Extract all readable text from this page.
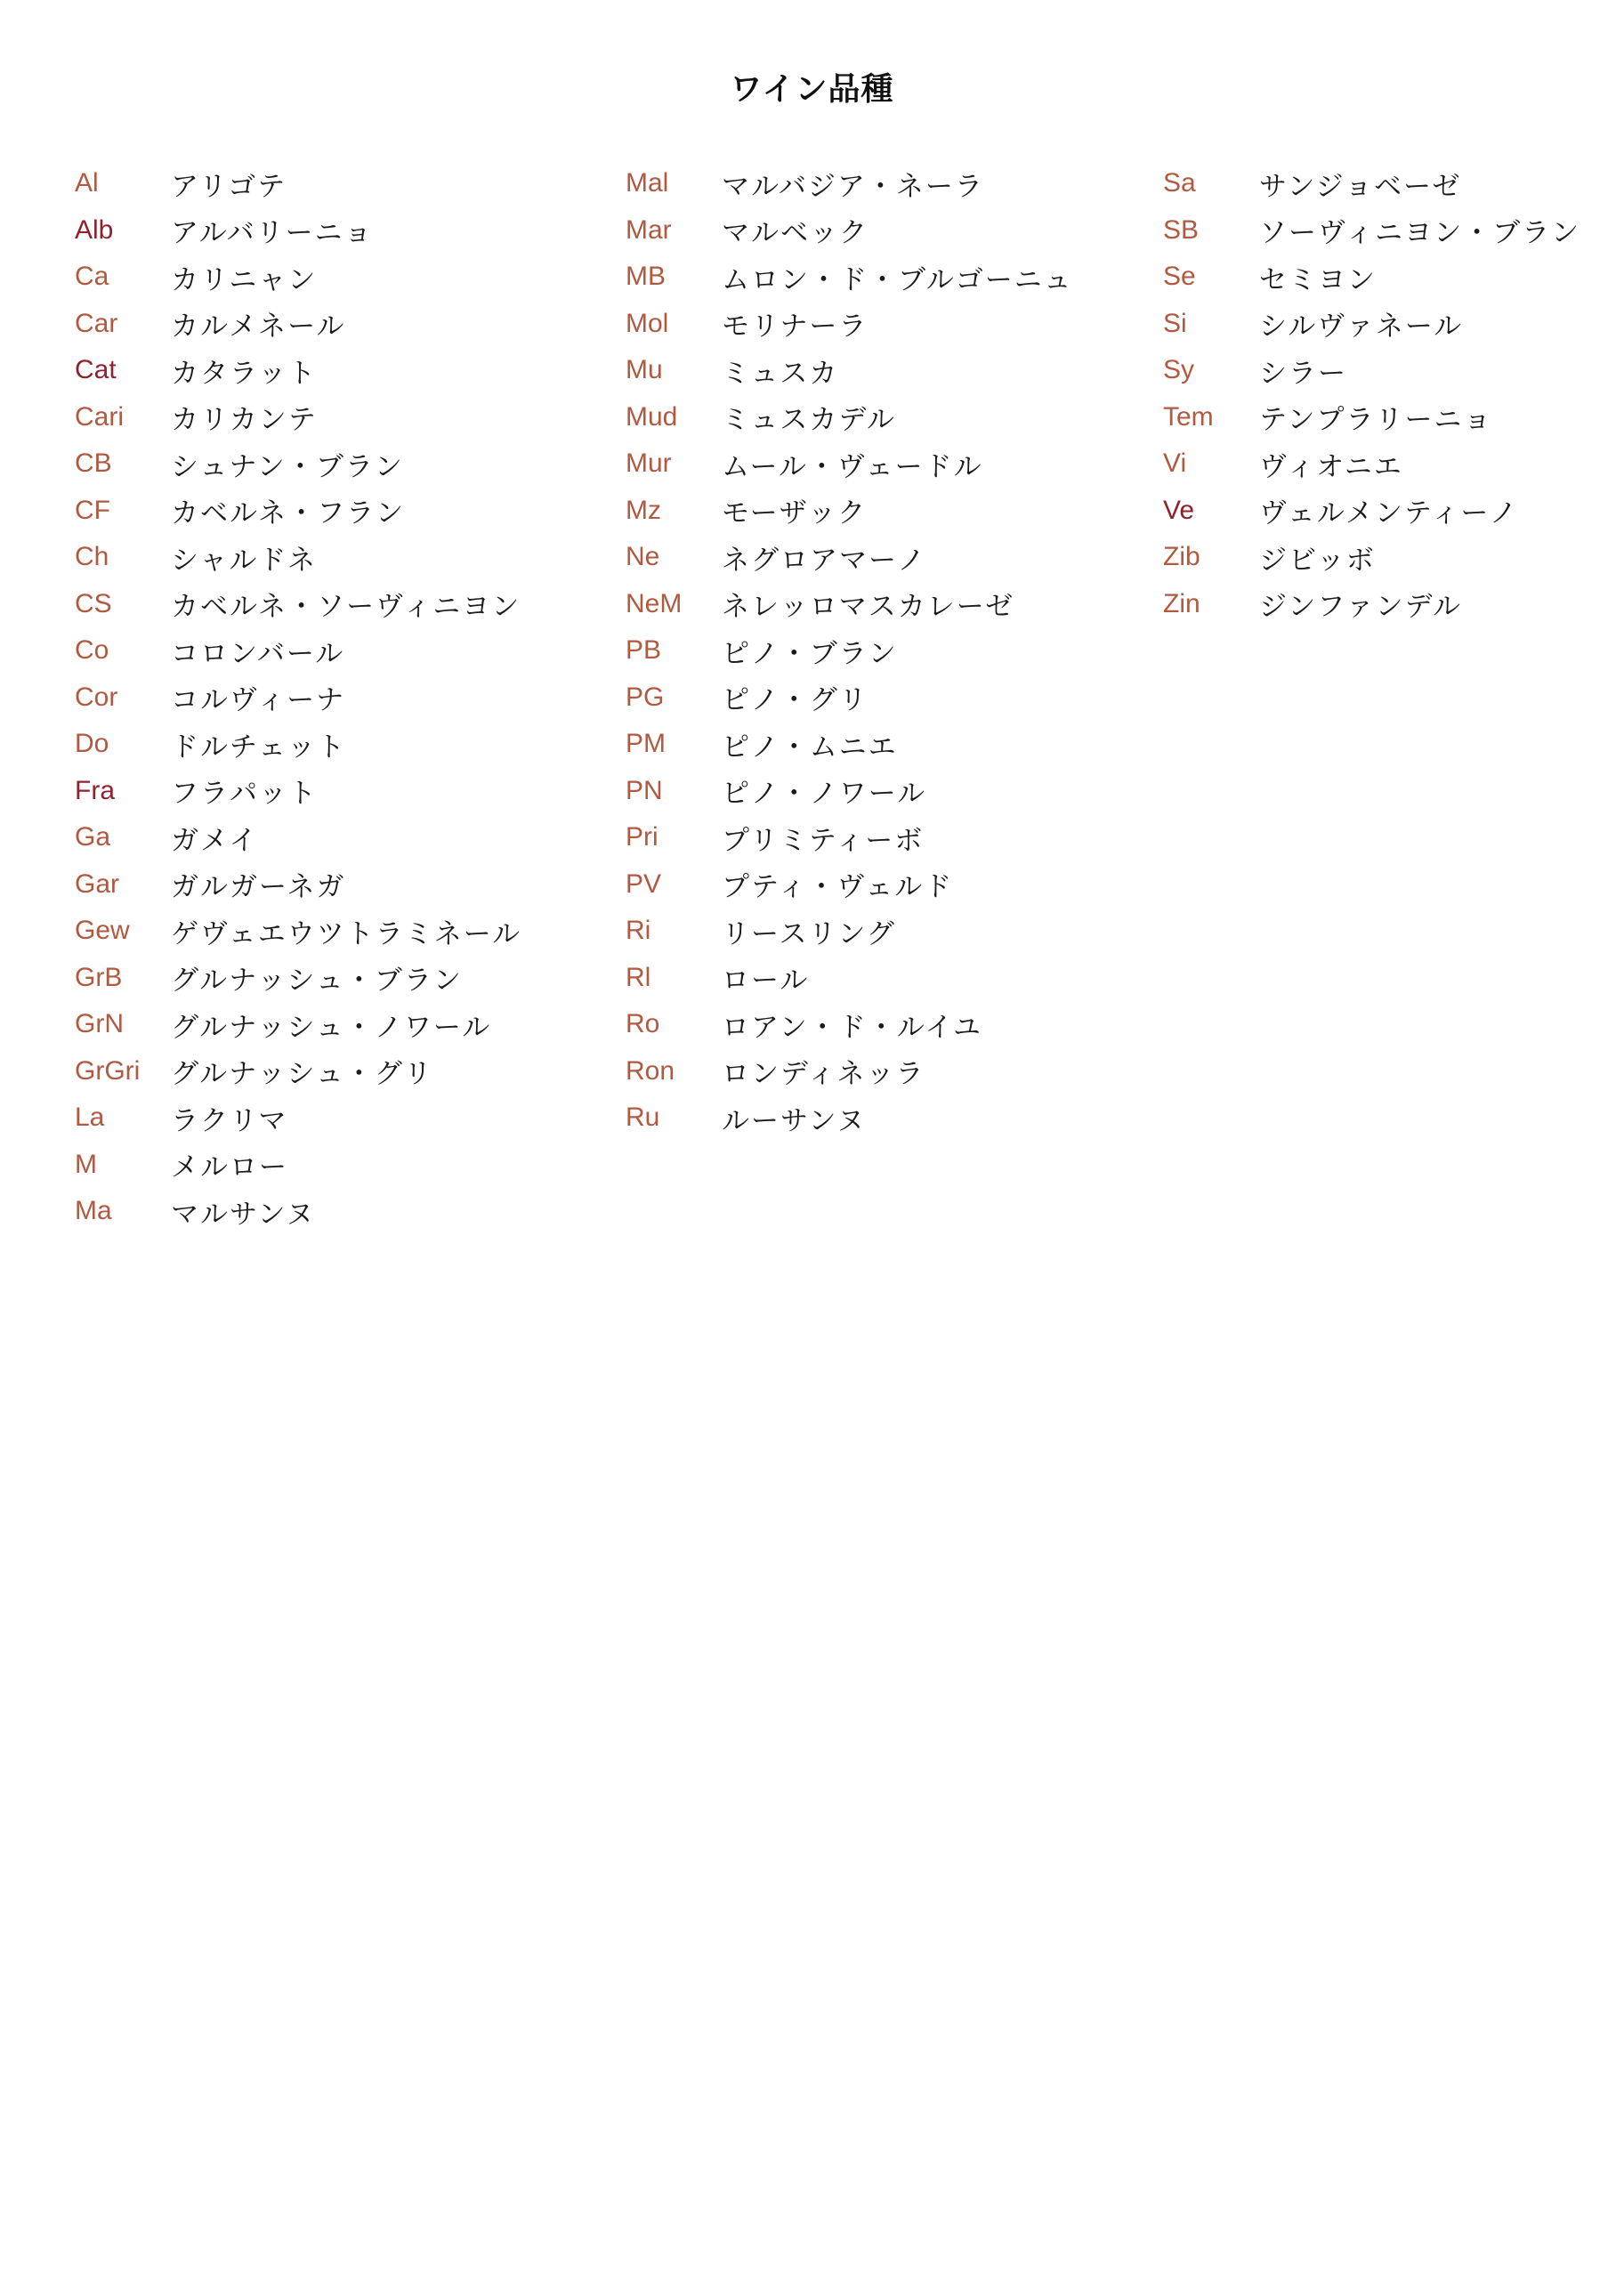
ワイン品種
Al	アリゴテ
Alb	アルバリーニョ
Ca	カリニャン
Car	カルメネール
Cat	カタラット
Cari	カリカンテ
CB	シュナン・ブラン
CF	カベルネ・フラン
Ch	シャルドネ
CS	カベルネ・ソーヴィニヨン
Co	コロンバール
Cor	コルヴィーナ
Do	ドルチェット
Fra	フラパット
Ga	ガメイ
Gar	ガルガーネガ
Gew	ゲヴェエウツトラミネール
GrB	グルナッシュ・ブラン
GrN	グルナッシュ・ノワール
GrGri	グルナッシュ・グリ
La	ラクリマ
M	メルロー
Ma	マルサンヌ
Mal	マルバジア・ネーラ
Mar	マルベック
MB	ムロン・ド・ブルゴーニュ
Mol	モリナーラ
Mu	ミュスカ
Mud	ミュスカデル
Mur	ムール・ヴェードル
Mz	モーザック
Ne	ネグロアマーノ
NeM	ネレッロマスカレーゼ
PB	ピノ・ブラン
PG	ピノ・グリ
PM	ピノ・ムニエ
PN	ピノ・ノワール
Pri	プリミティーボ
PV	プティ・ヴェルド
Ri	リースリング
Rl	ロール
Ro	ロアン・ド・ルイユ
Ron	ロンディネッラ
Ru	ルーサンヌ
Sa	サンジョベーゼ
SB	ソーヴィニヨン・ブラン
Se	セミヨン
Si	シルヴァネール
Sy	シラー
Tem	テンプラリーニョ
Vi	ヴィオニエ
Ve	ヴェルメンティーノ
Zib	ジビッボ
Zin	ジンファンデル
